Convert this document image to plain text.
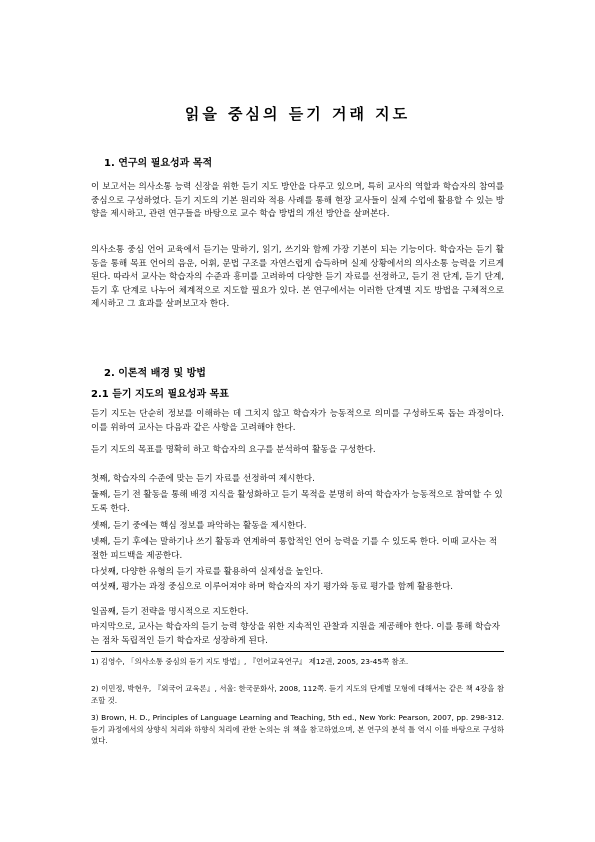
읽을 중심의 듣기 거래 지도
1. 연구의 필요성과 목적

이 보고서는 의사소통 능력 신장을 위한 듣기 지도 방안을 다루고 있으며, 특히 교사의 역할과 학습자의 참여를 중심으로 구성하였다. 듣기 지도의 기본 원리와 적용 사례를 통해 현장 교사들이 실제 수업에 활용할 수 있는 방향을 제시하고, 관련 연구들을 바탕으로 교수 학습 방법의 개선 방안을 살펴본다.

의사소통 중심 언어 교육에서 듣기는 말하기, 읽기, 쓰기와 함께 가장 기본이 되는 기능이다. 학습자는 듣기 활동을 통해 목표 언어의 음운, 어휘, 문법 구조를 자연스럽게 습득하며 실제 상황에서의 의사소통 능력을 기르게 된다. 따라서 교사는 학습자의 수준과 흥미를 고려하여 다양한 듣기 자료를 선정하고, 듣기 전 단계, 듣기 단계, 듣기 후 단계로 나누어 체계적으로 지도할 필요가 있다. 본 연구에서는 이러한 단계별 지도 방법을 구체적으로 제시하고 그 효과를 살펴보고자 한다.

2. 이론적 배경 및 방법
2.1 듣기 지도의 필요성과 목표

듣기 지도는 단순히 정보를 이해하는 데 그치지 않고 학습자가 능동적으로 의미를 구성하도록 돕는 과정이다. 이를 위하여 교사는 다음과 같은 사항을 고려해야 한다.

듣기 지도의 목표를 명확히 하고 학습자의 요구를 분석하여 활동을 구성한다.

첫째, 학습자의 수준에 맞는 듣기 자료를 선정하여 제시한다.

둘째, 듣기 전 활동을 통해 배경 지식을 활성화하고 듣기 목적을 분명히 하여 학습자가 능동적으로 참여할 수 있도록 한다.

셋째, 듣기 중에는 핵심 정보를 파악하는 활동을 제시한다.

넷째, 듣기 후에는 말하기나 쓰기 활동과 연계하여 통합적인 언어 능력을 기를 수 있도록 한다. 이때 교사는 적절한 피드백을 제공한다.

다섯째, 다양한 유형의 듣기 자료를 활용하여 실제성을 높인다.

여섯째, 평가는 과정 중심으로 이루어져야 하며 학습자의 자기 평가와 동료 평가를 함께 활용한다.

일곱째, 듣기 전략을 명시적으로 지도한다.

마지막으로, 교사는 학습자의 듣기 능력 향상을 위한 지속적인 관찰과 지원을 제공해야 한다. 이를 통해 학습자는 점차 독립적인 듣기 학습자로 성장하게 된다.

1) 김영수, 「의사소통 중심의 듣기 지도 방법」, 『언어교육연구』 제12권, 2005, 23-45쪽 참조.

2) 이민정, 박현우, 『외국어 교육론』, 서울: 한국문화사, 2008, 112쪽. 듣기 지도의 단계별 모형에 대해서는 같은 책 4장을 참조할 것.

3) Brown, H. D., Principles of Language Learning and Teaching, 5th ed., New York: Pearson, 2007, pp. 298-312. 듣기 과정에서의 상향식 처리와 하향식 처리에 관한 논의는 위 책을 참고하였으며, 본 연구의 분석 틀 역시 이를 바탕으로 구성하였다.
